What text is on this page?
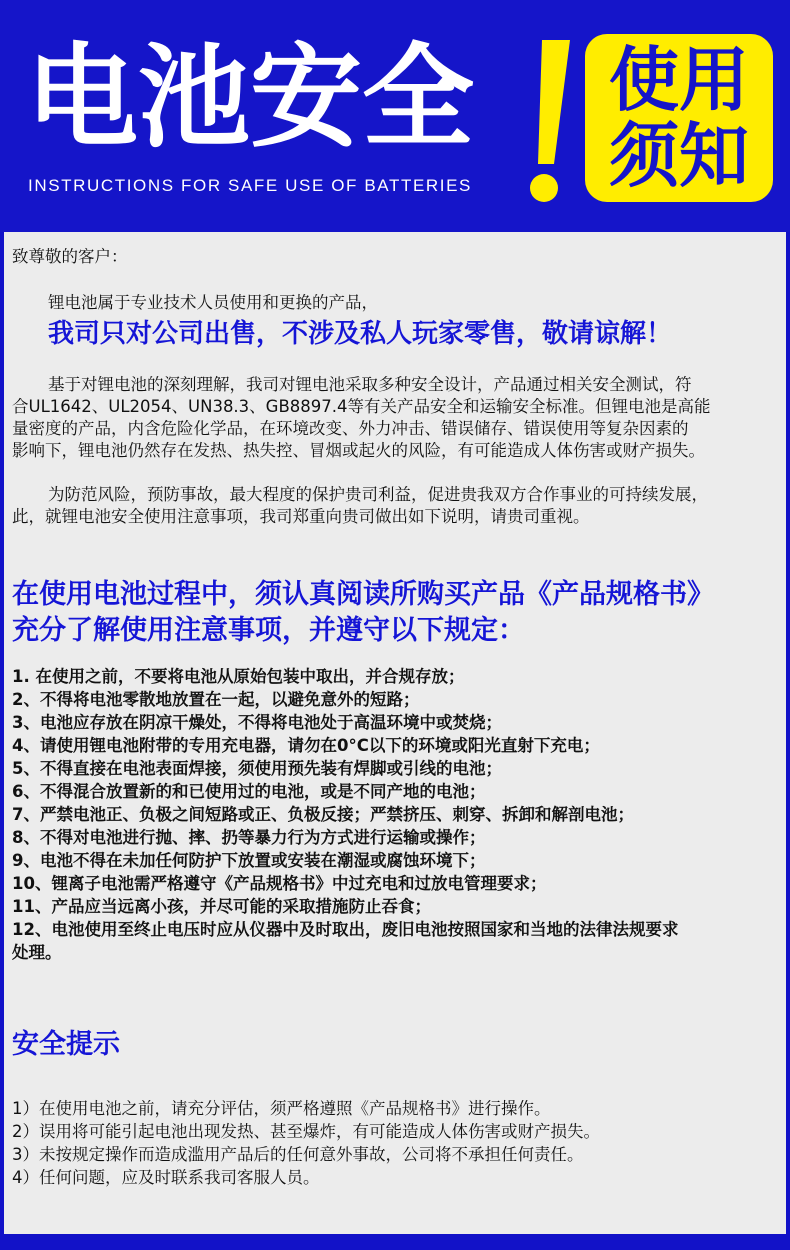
电池安全
INSTRUCTIONS FOR SAFE USE OF BATTERIES
使用
须知
致尊敬的客户：
锂电池属于专业技术人员使用和更换的产品，
我司只对公司出售，不涉及私人玩家零售，敬请谅解！
基于对锂电池的深刻理解，我司对锂电池采取多种安全设计，产品通过相关安全测试，符
合UL1642、UL2054、UN38.3、GB8897.4等有关产品安全和运输安全标准。但锂电池是高能
量密度的产品，内含危险化学品，在环境改变、外力冲击、错误储存、错误使用等复杂因素的
影响下，锂电池仍然存在发热、热失控、冒烟或起火的风险，有可能造成人体伤害或财产损失。
为防范风险，预防事故，最大程度的保护贵司利益，促进贵我双方合作事业的可持续发展，
此，就锂电池安全使用注意事项，我司郑重向贵司做出如下说明，请贵司重视。
在使用电池过程中，须认真阅读所购买产品《产品规格书》
充分了解使用注意事项，并遵守以下规定：
1. 在使用之前，不要将电池从原始包装中取出，并合规存放；
2、不得将电池零散地放置在一起，以避免意外的短路；
3、电池应存放在阴凉干燥处，不得将电池处于高温环境中或焚烧；
4、请使用锂电池附带的专用充电器，请勿在0°C以下的环境或阳光直射下充电；
5、不得直接在电池表面焊接，须使用预先装有焊脚或引线的电池；
6、不得混合放置新的和已使用过的电池，或是不同产地的电池；
7、严禁电池正、负极之间短路或正、负极反接；严禁挤压、刺穿、拆卸和解剖电池；
8、不得对电池进行抛、摔、扔等暴力行为方式进行运输或操作；
9、电池不得在未加任何防护下放置或安装在潮湿或腐蚀环境下；
10、锂离子电池需严格遵守《产品规格书》中过充电和过放电管理要求；
11、产品应当远离小孩，并尽可能的采取措施防止吞食；
12、电池使用至终止电压时应从仪器中及时取出，废旧电池按照国家和当地的法律法规要求
处理。
安全提示
1）在使用电池之前，请充分评估，须严格遵照《产品规格书》进行操作。
2）误用将可能引起电池出现发热、甚至爆炸，有可能造成人体伤害或财产损失。
3）未按规定操作而造成滥用产品后的任何意外事故，公司将不承担任何责任。
4）任何问题，应及时联系我司客服人员。
